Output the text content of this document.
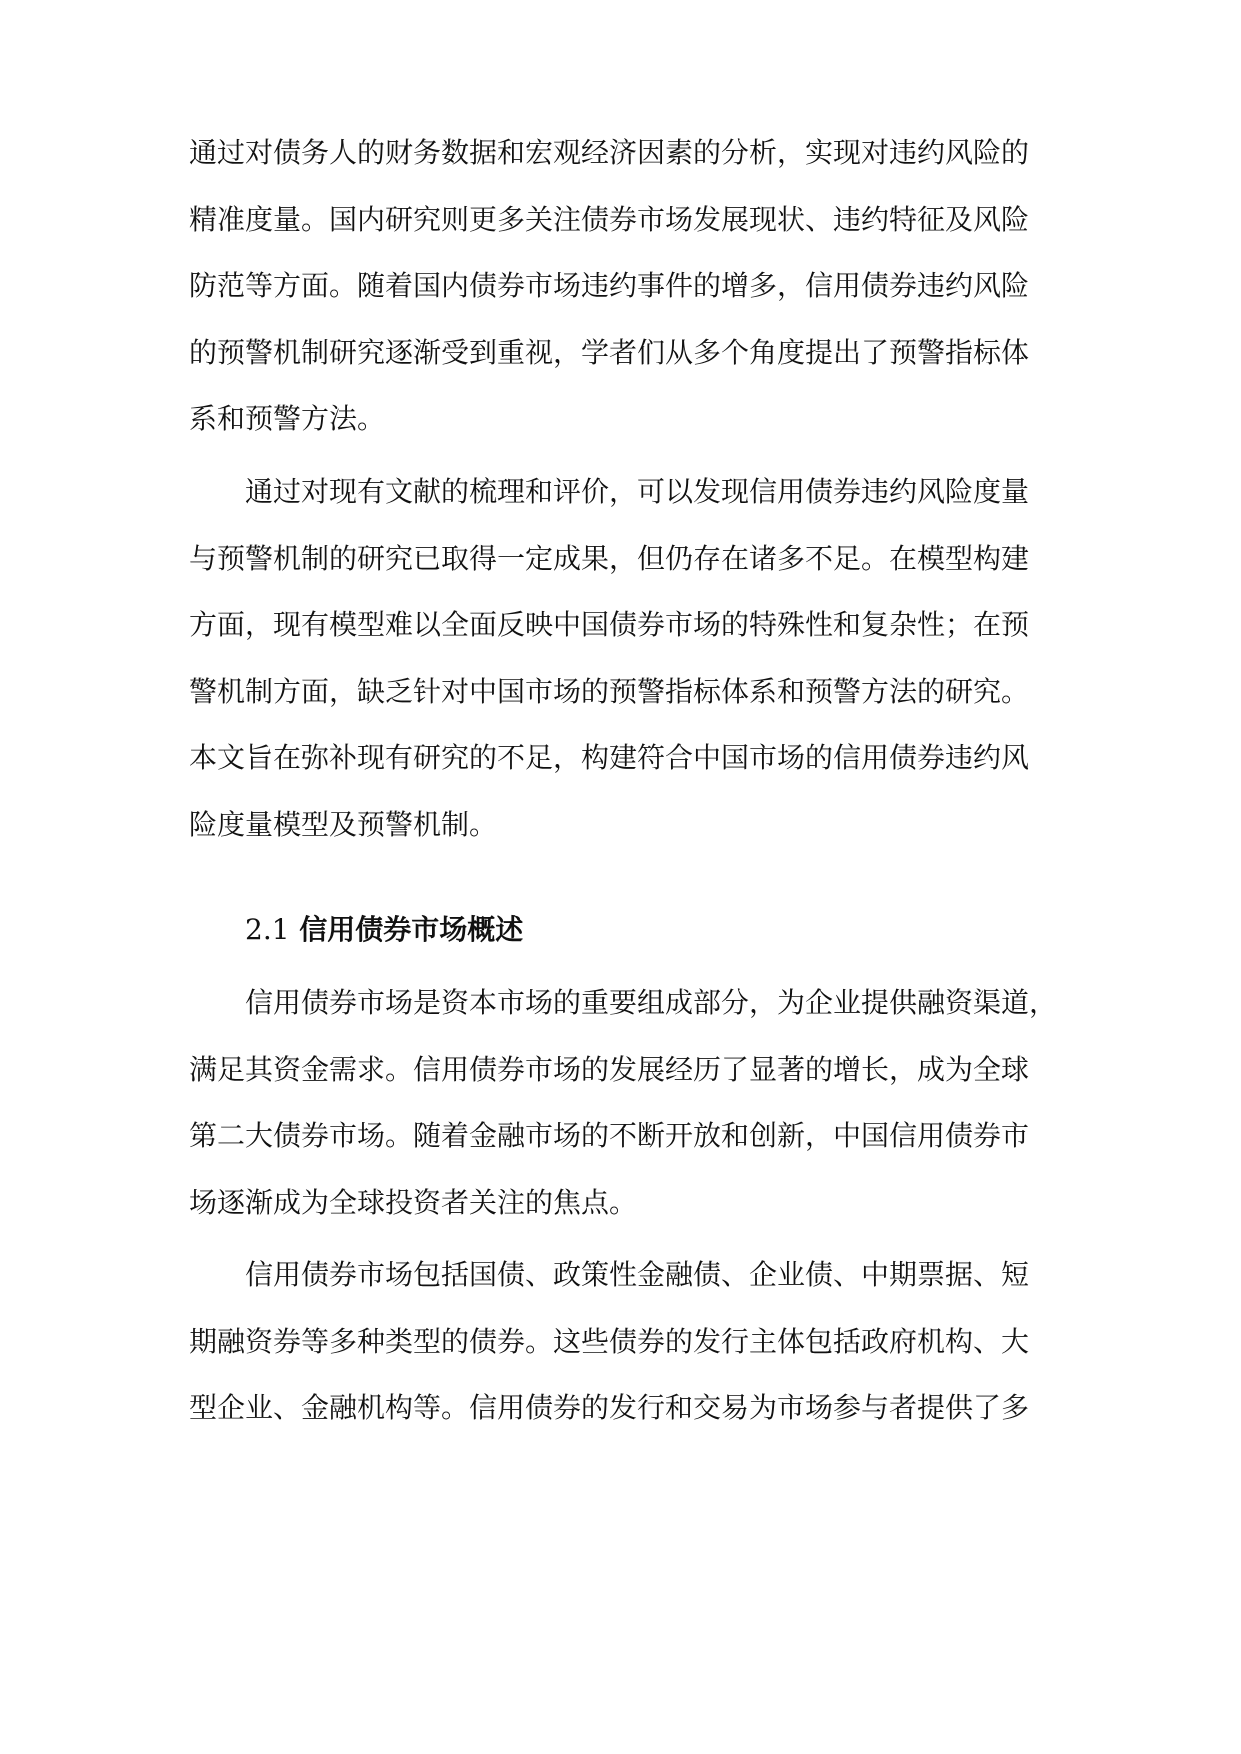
通过对债务人的财务数据和宏观经济因素的分析，实现对违约风险的
精准度量。国内研究则更多关注债券市场发展现状、违约特征及风险
防范等方面。随着国内债券市场违约事件的增多，信用债券违约风险
的预警机制研究逐渐受到重视，学者们从多个角度提出了预警指标体
系和预警方法。
通过对现有文献的梳理和评价，可以发现信用债券违约风险度量
与预警机制的研究已取得一定成果，但仍存在诸多不足。在模型构建
方面，现有模型难以全面反映中国债券市场的特殊性和复杂性；在预
警机制方面，缺乏针对中国市场的预警指标体系和预警方法的研究。
本文旨在弥补现有研究的不足，构建符合中国市场的信用债券违约风
险度量模型及预警机制。
2.1 信用债券市场概述
信用债券市场是资本市场的重要组成部分，为企业提供融资渠道，
满足其资金需求。信用债券市场的发展经历了显著的增长，成为全球
第二大债券市场。随着金融市场的不断开放和创新，中国信用债券市
场逐渐成为全球投资者关注的焦点。
信用债券市场包括国债、政策性金融债、企业债、中期票据、短
期融资券等多种类型的债券。这些债券的发行主体包括政府机构、大
型企业、金融机构等。信用债券的发行和交易为市场参与者提供了多
